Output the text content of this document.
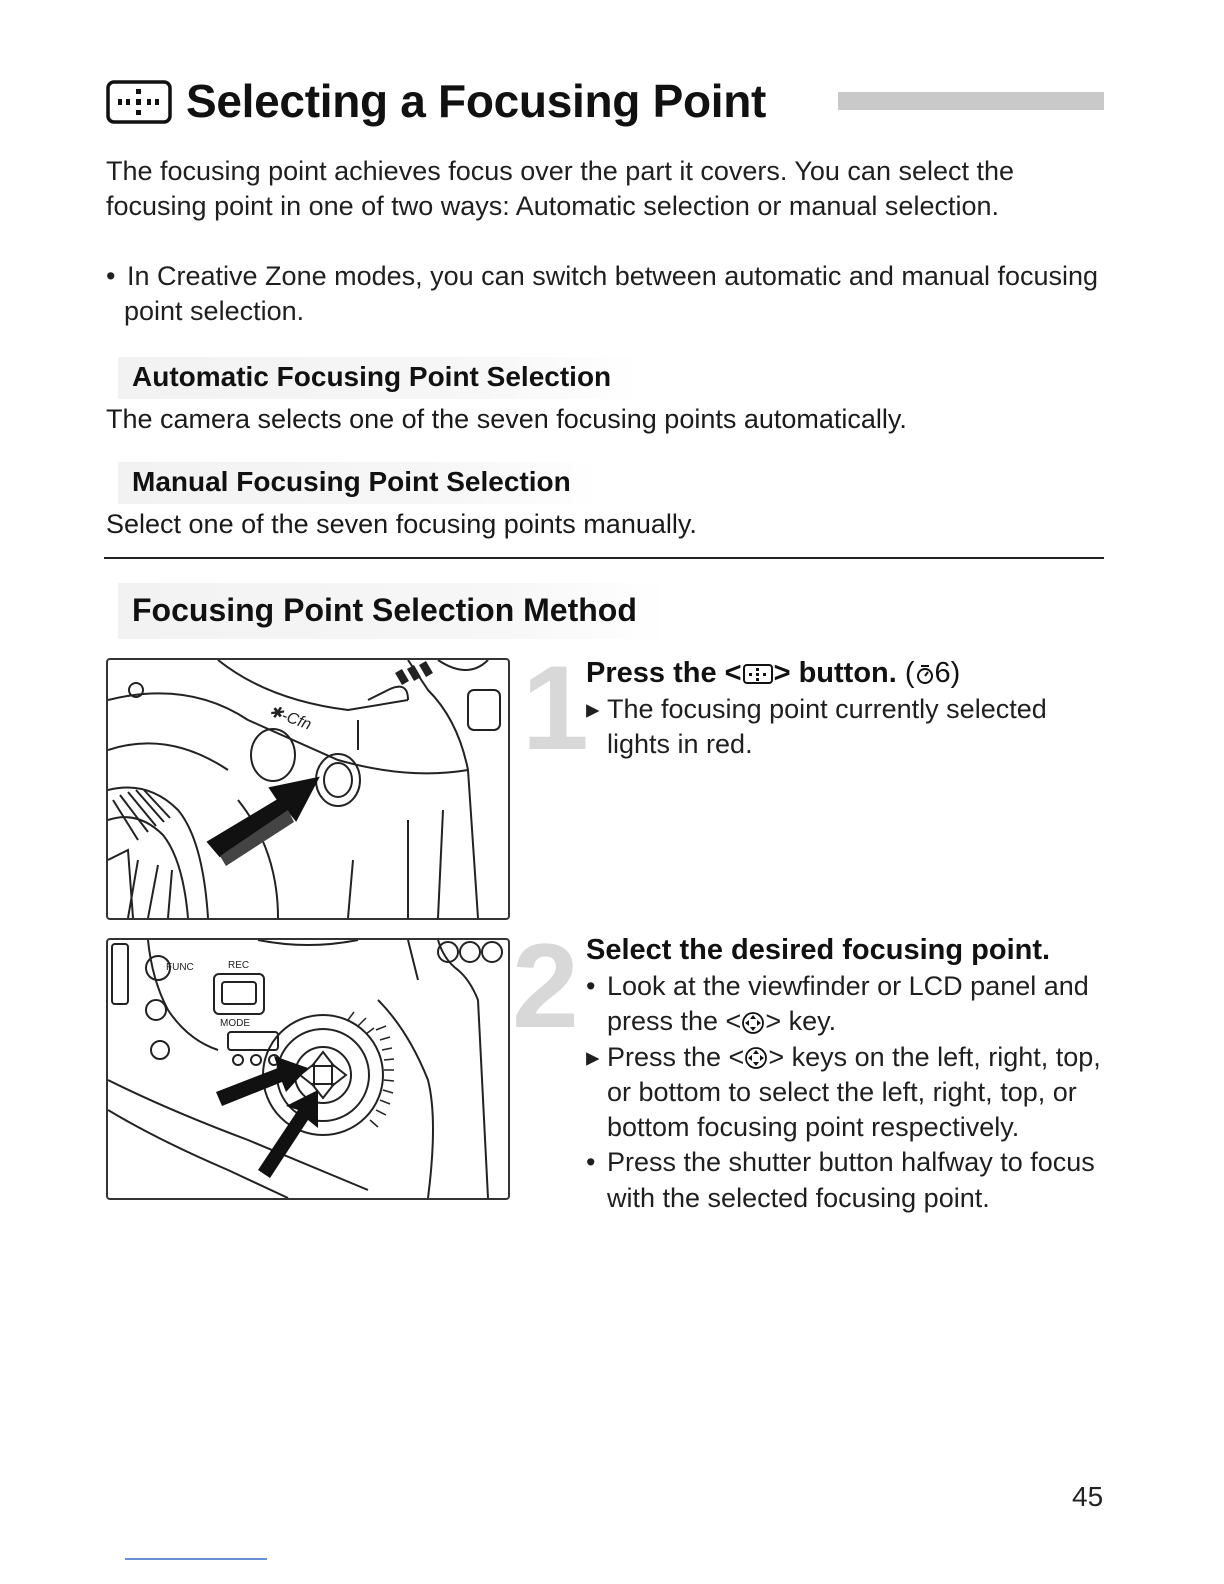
Selecting a Focusing Point
The focusing point achieves focus over the part it covers. You can select the focusing point in one of two ways: Automatic selection or manual selection.
• In Creative Zone modes, you can switch between automatic and manual focusing point selection.
Automatic Focusing Point Selection
The camera selects one of the seven focusing points automatically.
Manual Focusing Point Selection
Select one of the seven focusing points manually.
Focusing Point Selection Method
✱-Cfn
FUNC
MODE
REC
1
Press the < > button. ( 6)
▸ The focusing point currently selected lights in red.
2 Select the desired focusing point.
• Look at the viewfinder or LCD panel and press the < > key.
▸ Press the < > keys on the left, right, top, or bottom to select the left, right, top, or bottom focusing point respectively.
• Press the shutter button halfway to focus with the selected focusing point.
45
